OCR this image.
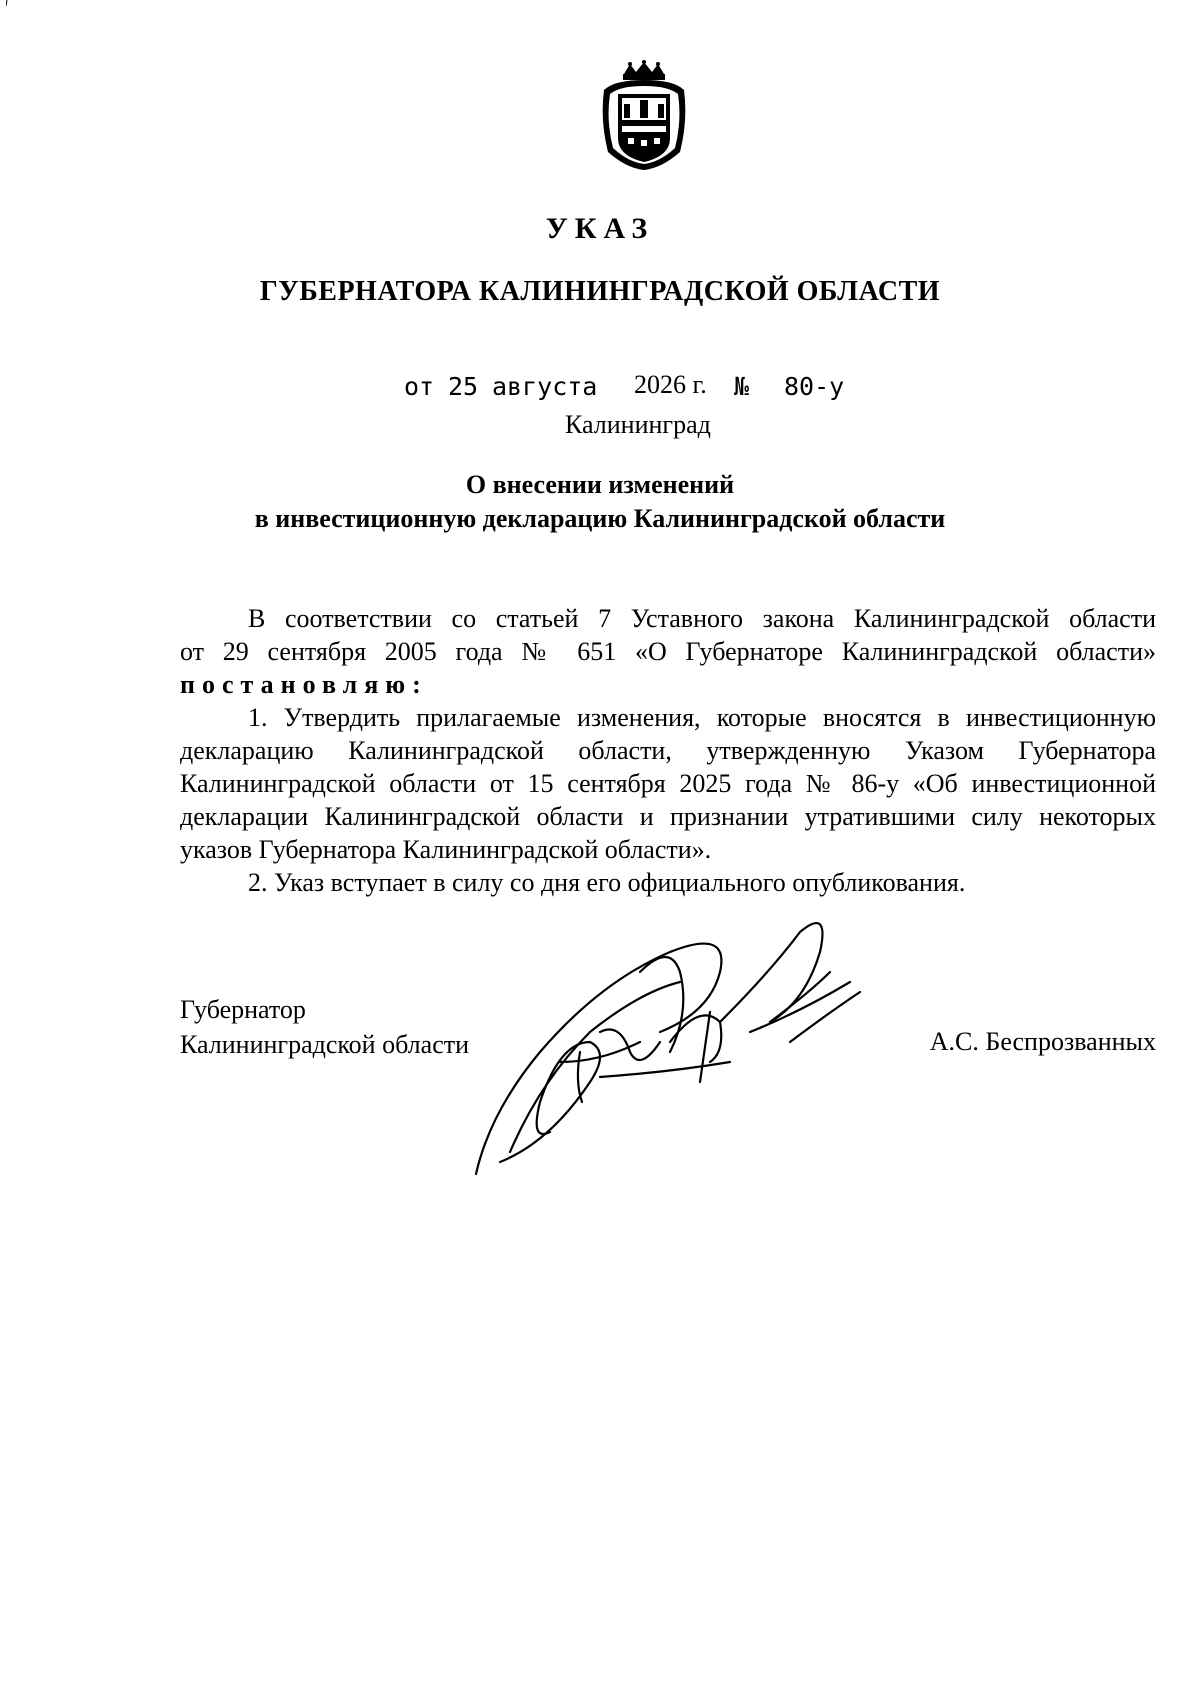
УКАЗ
ГУБЕРНАТОРА КАЛИНИНГРАДСКОЙ ОБЛАСТИ
от 25 августа 2026 г. № 80-у
Калининград
О внесении изменений
в инвестиционную декларацию Калининградской области

В соответствии со статьей 7 Уставного закона Калининградской области

от 29 сентября 2005 года № 651 «О Губернаторе Калининградской области»

постановляю:

1. Утвердить прилагаемые изменения, которые вносятся в инвестиционную декларацию Калининградской области, утвержденную Указом Губернатора Калининградской области от 15 сентября 2025 года № 86-у «Об инвестиционной декларации Калининградской области и признании утратившими силу некоторых указов Губернатора Калининградской области».

2. Указ вступает в силу со дня его официального опубликования.

Губернатор
Калининградской области	А.С. Беспрозванных
